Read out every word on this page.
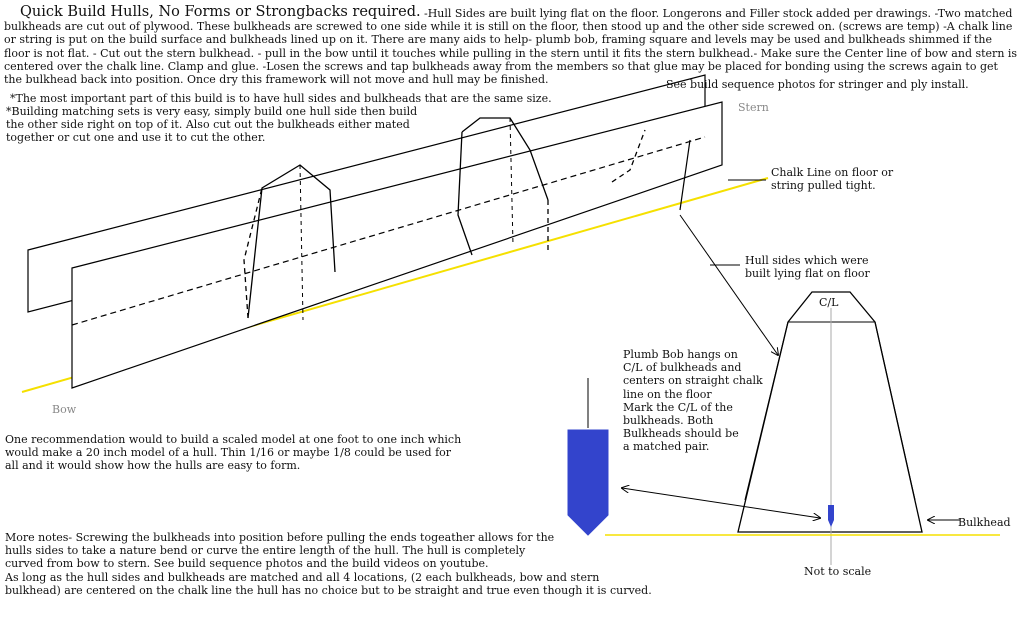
Quick Build Hulls, No Forms or Strongbacks required. -Hull Sides are built lying flat on the floor. Longerons and Filler stock added per drawings. -Two matched bulkheads are cut out of plywood. These bulkheads are screwed to one side while it is still on the floor, then stood up and the other side screwed on. (screws are temp) -A chalk line or string is put on the build surface and bulkheads lined up on it. There are many aids to help- plumb bob, framing square and levels may be used and bulkheads shimmed if the floor is not flat. - Cut out the stern bulkhead. - pull in the bow until it touches while pulling in the stern until it fits the stern bulkhead.- Make sure the Center line of bow and stern is centered over the chalk line. Clamp and glue. -Losen the screws and tap bulkheads away from the members so that glue may be placed for bonding using the screws again to get the bulkhead back into position. Once dry this framework will not move and hull may be finished.	See build sequence photos for stringer and ply install.
*The most important part of this build is to have hull sides and bulkheads that are the same size.
*Building matching sets is very easy, simply build one hull side then build
the other side right on top of it. Also cut out the bulkheads either mated
together or cut one and use it to cut the other.
Stern
Bow
Chalk Line on floor or
string pulled tight.
Hull sides which were
built lying flat on floor
C/L
Plumb Bob hangs on
C/L of bulkheads and
centers on straight chalk
line on the floor
Mark the C/L of the
bulkheads. Both
Bulkheads should be
a matched pair.
Bulkhead
Not to scale
One recommendation would to build a scaled model at one foot to one inch which
would make a 20 inch model of a hull. Thin 1/16 or maybe 1/8 could be used for
all and it would show how the hulls are easy to form.
More notes- Screwing the bulkheads into position before pulling the ends togeather allows for the
hulls sides to take a nature bend or curve the entire length of the hull. The hull is completely
curved from bow to stern. See build sequence photos and the build videos on youtube.
As long as the hull sides and bulkheads are matched and all 4 locations, (2 each bulkheads, bow and stern
bulkhead) are centered on the chalk line the hull has no choice but to be straight and true even though it is curved.
